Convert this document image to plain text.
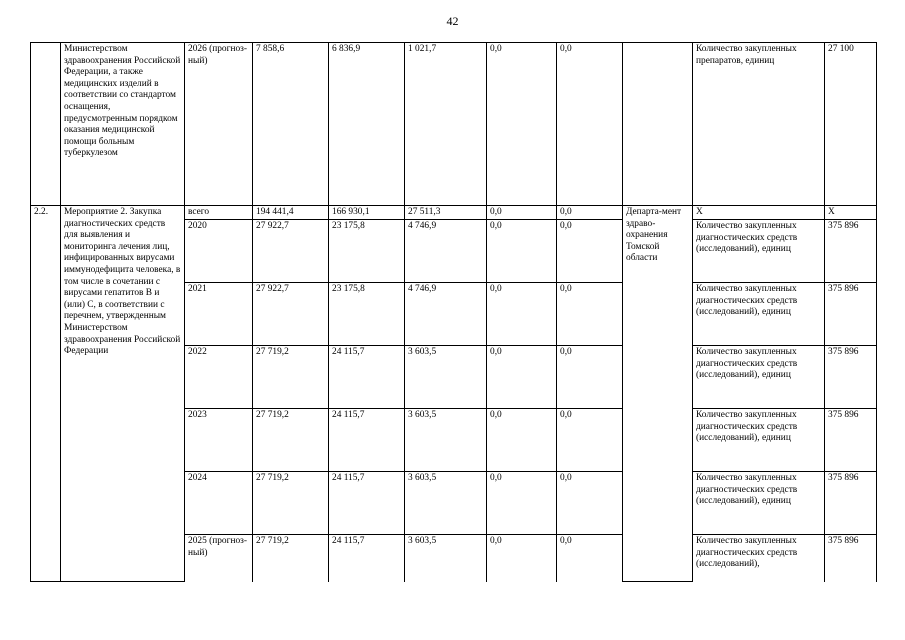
42
	Министерством здравоохранения Российской Федерации, а также медицинских изделий в соответствии со стандартом оснащения, предусмотренным порядком оказания медицинской помощи больным туберкулезом	2026 (прогноз-ный)	7 858,6	6 836,9	1 021,7	0,0	0,0		Количество закупленных препаратов, единиц	27 100
2.2.	Мероприятие 2. Закупка диагностических средств для выявления и мониторинга лечения лиц, инфицированных вирусами иммунодефицита человека, в том числе в сочетании с вирусами гепатитов B и (или) C, в соответствии с перечнем, утвержденным Министерством здравоохранения Российской Федерации	всего	194 441,4	166 930,1	27 511,3	0,0	0,0	Департа-мент здраво-охранения Томской области	Х	Х
		2020	27 922,7	23 175,8	4 746,9	0,0	0,0		Количество закупленных диагностических средств (исследований), единиц	375 896
		2021	27 922,7	23 175,8	4 746,9	0,0	0,0		Количество закупленных диагностических средств (исследований), единиц	375 896
		2022	27 719,2	24 115,7	3 603,5	0,0	0,0		Количество закупленных диагностических средств (исследований), единиц	375 896
		2023	27 719,2	24 115,7	3 603,5	0,0	0,0		Количество закупленных диагностических средств (исследований), единиц	375 896
		2024	27 719,2	24 115,7	3 603,5	0,0	0,0		Количество закупленных диагностических средств (исследований), единиц	375 896
		2025 (прогноз-ный)	27 719,2	24 115,7	3 603,5	0,0	0,0		Количество закупленных диагностических средств (исследований),	375 896
